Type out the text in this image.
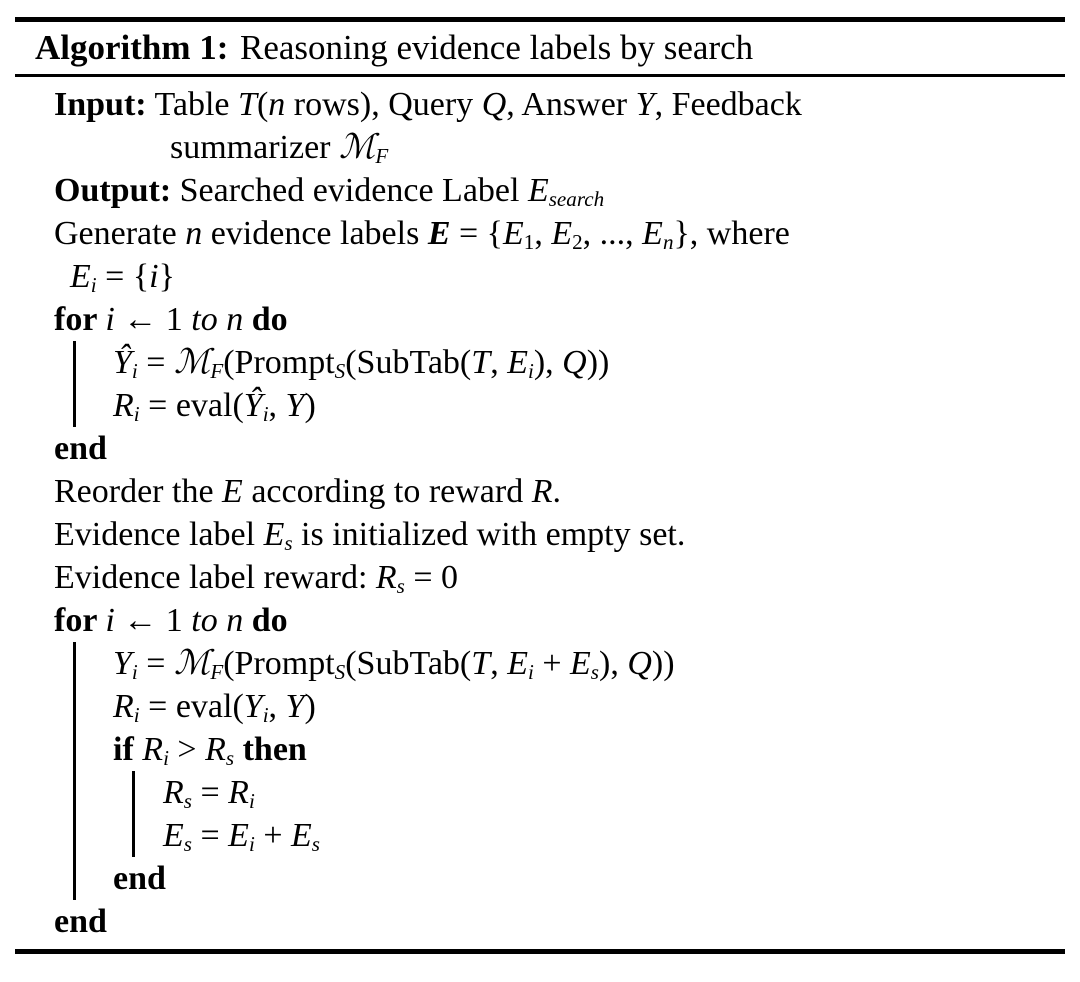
Algorithm 1: Reasoning evidence labels by search
Input: Table T(n rows), Query Q, Answer Y, Feedback
summarizer ℳF
Output: Searched evidence Label Esearch
Generate n evidence labels E = {E1, E2, ..., En}, where
Ei = {i}
for i ← 1 to n do
Ŷi = ℳF(PromptS(SubTab(T, Ei), Q))
Ri = eval(Ŷi, Y)
end
Reorder the E according to reward R.
Evidence label Es is initialized with empty set.
Evidence label reward: Rs = 0
for i ← 1 to n do
Yi = ℳF(PromptS(SubTab(T, Ei + Es), Q))
Ri = eval(Yi, Y)
if Ri > Rs then
Rs = Ri
Es = Ei + Es
end
end
